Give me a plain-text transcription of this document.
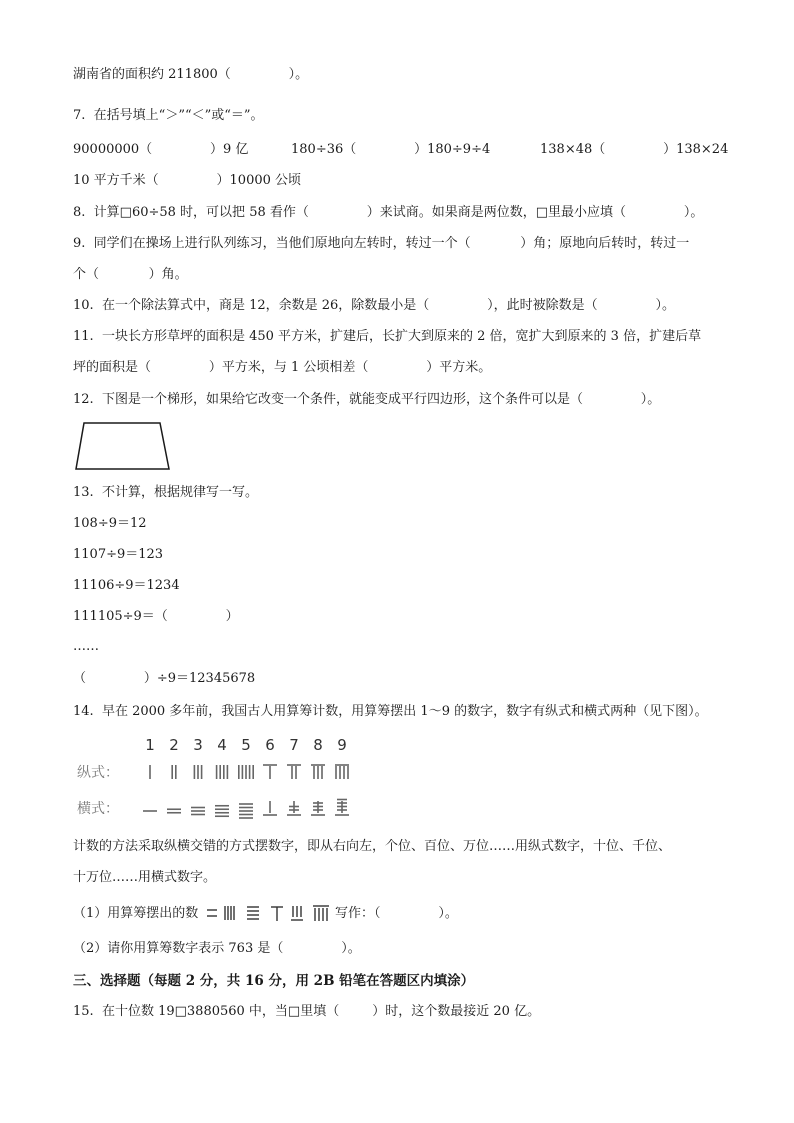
湖南省的面积约 211800（              ）。
7.  在括号填上“＞”“＜”或“＝”。

90000000（              ）9 亿

	180÷36（              ）180÷9÷4

	138×48（              ）138×24

10 平方千米（              ）10000 公顷
8.  计算□60÷58 时，可以把 58 看作（              ）来试商。如果商是两位数，□里最小应填（              ）。
9.  同学们在操场上进行队列练习，当他们原地向左转时，转过一个（            ）角；原地向后转时，转过一
个（            ）角。
10.  在一个除法算式中，商是 12，余数是 26，除数最小是（              ），此时被除数是（              ）。
11.  一块长方形草坪的面积是 450 平方米，扩建后，长扩大到原来的 2 倍，宽扩大到原来的 3 倍，扩建后草
坪的面积是（              ）平方米，与 1 公顷相差（              ）平方米。
12.  下图是一个梯形，如果给它改变一个条件，就能变成平行四边形，这个条件可以是（              ）。
13.  不计算，根据规律写一写。
108÷9＝12
1107÷9＝123
11106÷9＝1234
111105÷9＝（              ）
……
（              ）÷9＝12345678
14.  早在 2000 多年前，我国古人用算筹计数，用算筹摆出 1～9 的数字，数字有纵式和横式两种（见下图）。
1 2 3 4 5 6 7 8 9
纵式：
横式：
计数的方法采取纵横交错的方式摆数字，即从右向左，个位、百位、万位……用纵式数字，十位、千位、
十万位……用横式数字。

（1）用算筹摆出的数

	写作：（              ）。

（2）请你用算筹数字表示 763 是（              ）。
三、选择题（每题 2 分，共 16 分，用 2B 铅笔在答题区内填涂）
15.  在十位数 19□3880560 中，当□里填（        ）时，这个数最接近 20 亿。
